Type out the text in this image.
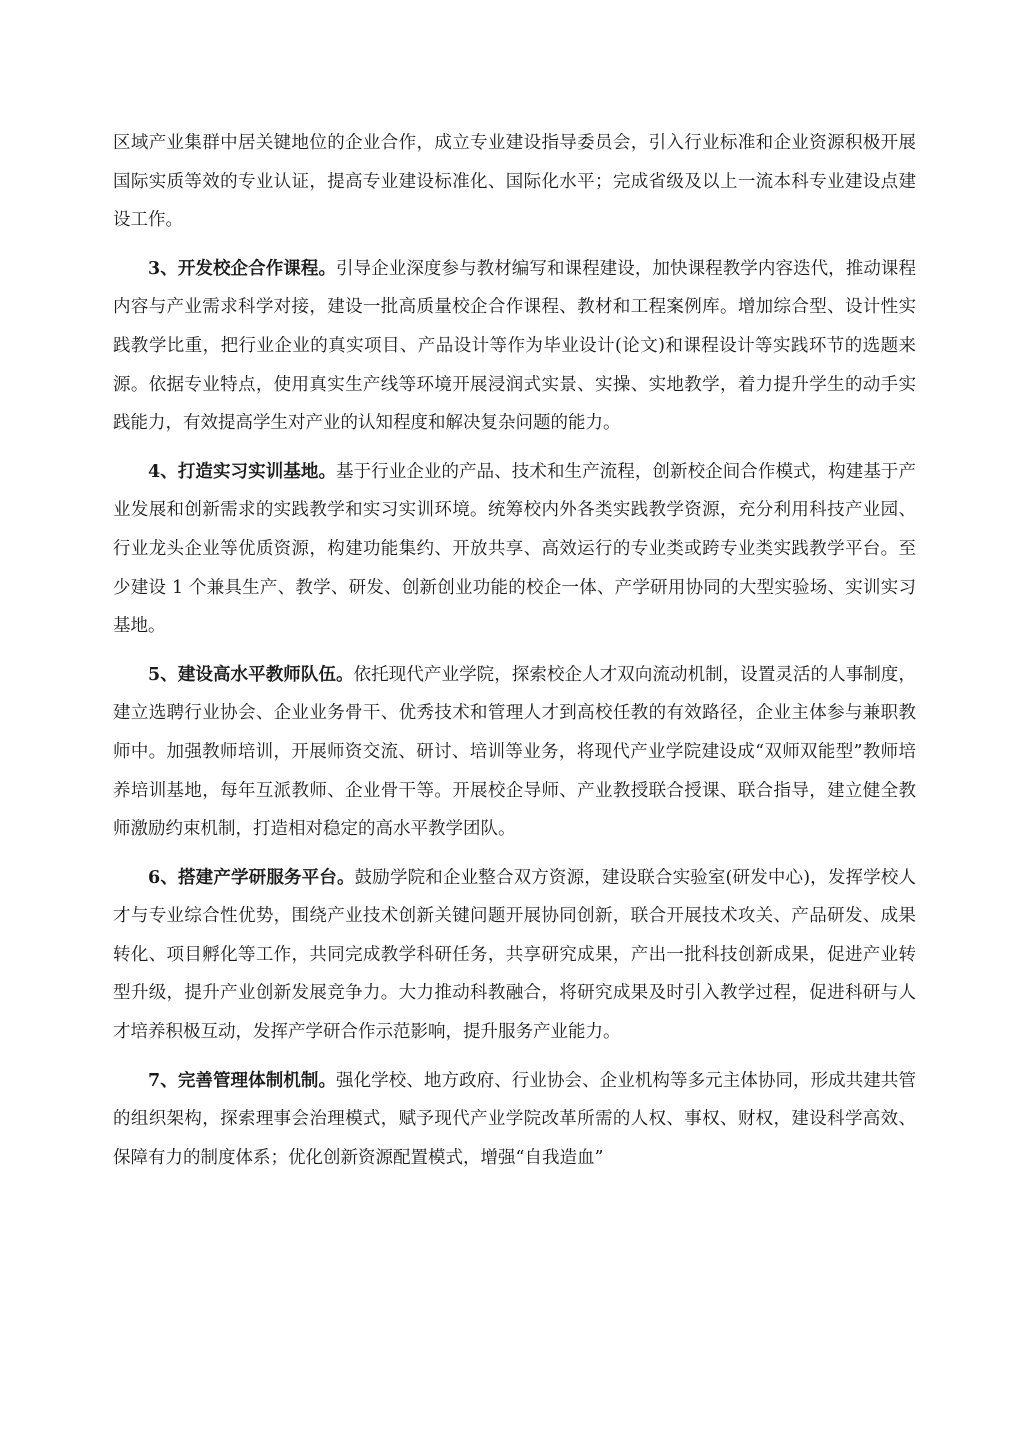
区域产业集群中居关键地位的企业合作，成立专业建设指导委员会，引入行业标准和企业资源积极开展国际实质等效的专业认证，提高专业建设标准化、国际化水平；完成省级及以上一流本科专业建设点建设工作。

3、开发校企合作课程。引导企业深度参与教材编写和课程建设，加快课程教学内容迭代，推动课程内容与产业需求科学对接，建设一批高质量校企合作课程、教材和工程案例库。增加综合型、设计性实践教学比重，把行业企业的真实项目、产品设计等作为毕业设计(论文)和课程设计等实践环节的选题来源。依据专业特点，使用真实生产线等环境开展浸润式实景、实操、实地教学，着力提升学生的动手实践能力，有效提高学生对产业的认知程度和解决复杂问题的能力。

4、打造实习实训基地。基于行业企业的产品、技术和生产流程，创新校企间合作模式，构建基于产业发展和创新需求的实践教学和实习实训环境。统筹校内外各类实践教学资源，充分利用科技产业园、行业龙头企业等优质资源，构建功能集约、开放共享、高效运行的专业类或跨专业类实践教学平台。至少建设 1 个兼具生产、教学、研发、创新创业功能的校企一体、产学研用协同的大型实验场、实训实习基地。

5、建设高水平教师队伍。依托现代产业学院，探索校企人才双向流动机制，设置灵活的人事制度，建立选聘行业协会、企业业务骨干、优秀技术和管理人才到高校任教的有效路径，企业主体参与兼职教师中。加强教师培训，开展师资交流、研讨、培训等业务，将现代产业学院建设成“双师双能型”教师培养培训基地，每年互派教师、企业骨干等。开展校企导师、产业教授联合授课、联合指导，建立健全教师激励约束机制，打造相对稳定的高水平教学团队。

6、搭建产学研服务平台。鼓励学院和企业整合双方资源，建设联合实验室(研发中心)，发挥学校人才与专业综合性优势，围绕产业技术创新关键问题开展协同创新，联合开展技术攻关、产品研发、成果转化、项目孵化等工作，共同完成教学科研任务，共享研究成果，产出一批科技创新成果，促进产业转型升级，提升产业创新发展竞争力。大力推动科教融合，将研究成果及时引入教学过程，促进科研与人才培养积极互动，发挥产学研合作示范影响，提升服务产业能力。

7、完善管理体制机制。强化学校、地方政府、行业协会、企业机构等多元主体协同，形成共建共管的组织架构，探索理事会治理模式，赋予现代产业学院改革所需的人权、事权、财权，建设科学高效、保障有力的制度体系；优化创新资源配置模式，增强“自我造血”
